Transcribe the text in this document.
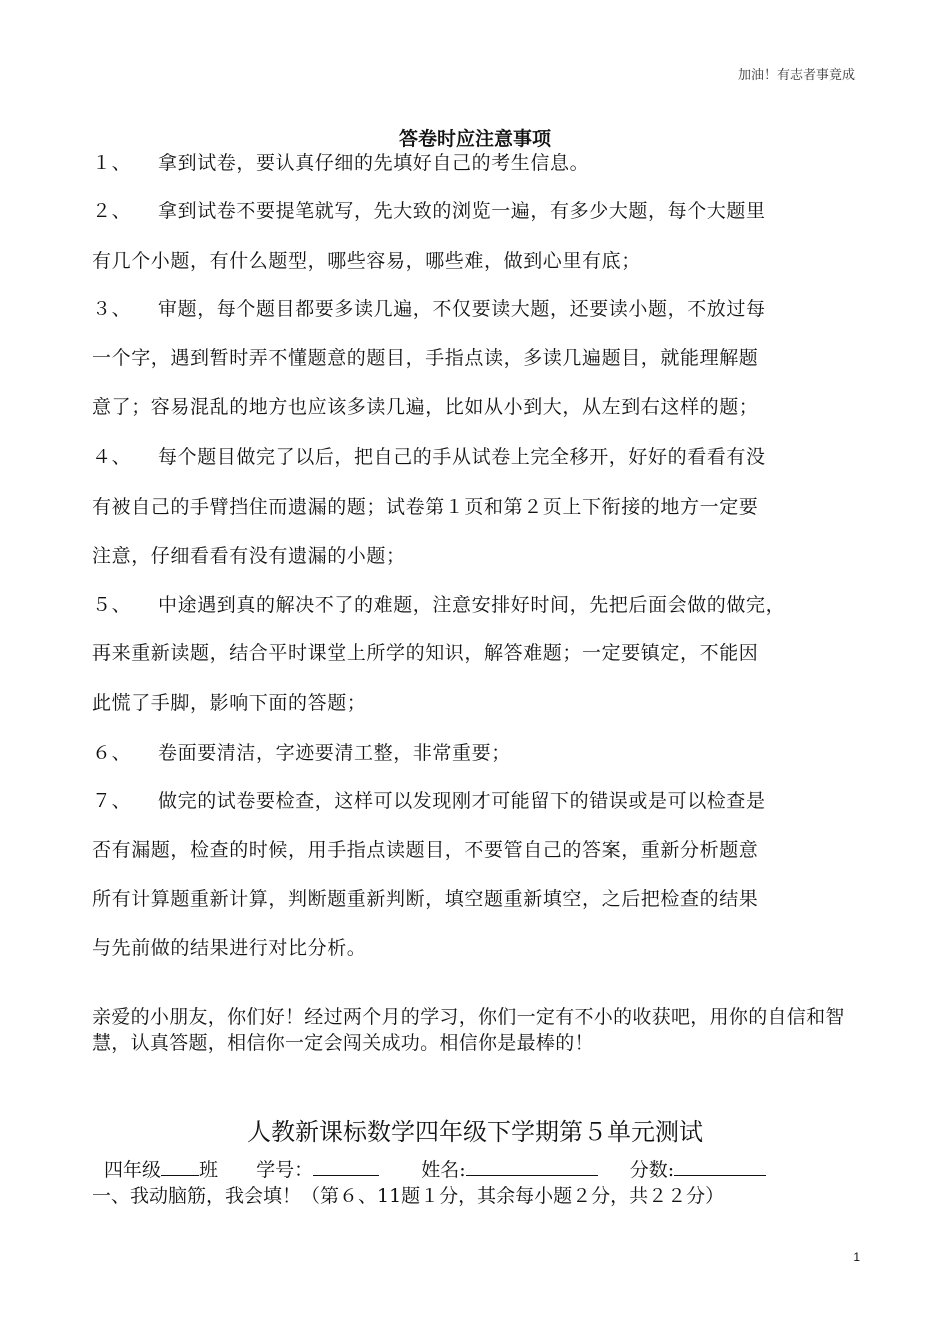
加油！有志者事竟成
答卷时应注意事项
１、 拿到试卷，要认真仔细的先填好自己的考生信息。
２、 拿到试卷不要提笔就写，先大致的浏览一遍，有多少大题，每个大题里
有几个小题，有什么题型，哪些容易，哪些难，做到心里有底；
３、 审题，每个题目都要多读几遍，不仅要读大题，还要读小题，不放过每
一个字，遇到暂时弄不懂题意的题目，手指点读，多读几遍题目，就能理解题
意了；容易混乱的地方也应该多读几遍，比如从小到大，从左到右这样的题；
４、 每个题目做完了以后，把自己的手从试卷上完全移开，好好的看看有没
有被自己的手臂挡住而遗漏的题；试卷第１页和第２页上下衔接的地方一定要
注意，仔细看看有没有遗漏的小题；
５、 中途遇到真的解决不了的难题，注意安排好时间，先把后面会做的做完，
再来重新读题，结合平时课堂上所学的知识，解答难题；一定要镇定，不能因
此慌了手脚，影响下面的答题；
６、 卷面要清洁，字迹要清工整，非常重要；
７、 做完的试卷要检查，这样可以发现刚才可能留下的错误或是可以检查是
否有漏题，检查的时候，用手指点读题目，不要管自己的答案，重新分析题意
所有计算题重新计算，判断题重新判断，填空题重新填空，之后把检查的结果
与先前做的结果进行对比分析。
亲爱的小朋友，你们好！经过两个月的学习，你们一定有不小的收获吧，用你的自信和智慧，认真答题，相信你一定会闯关成功。相信你是最棒的！
人教新课标数学四年级下学期第５单元测试
四年级 班 学号：	姓名:	分数:
一、我动脑筋，我会填！（第６、11题１分，其余每小题２分，共２２分）
1
